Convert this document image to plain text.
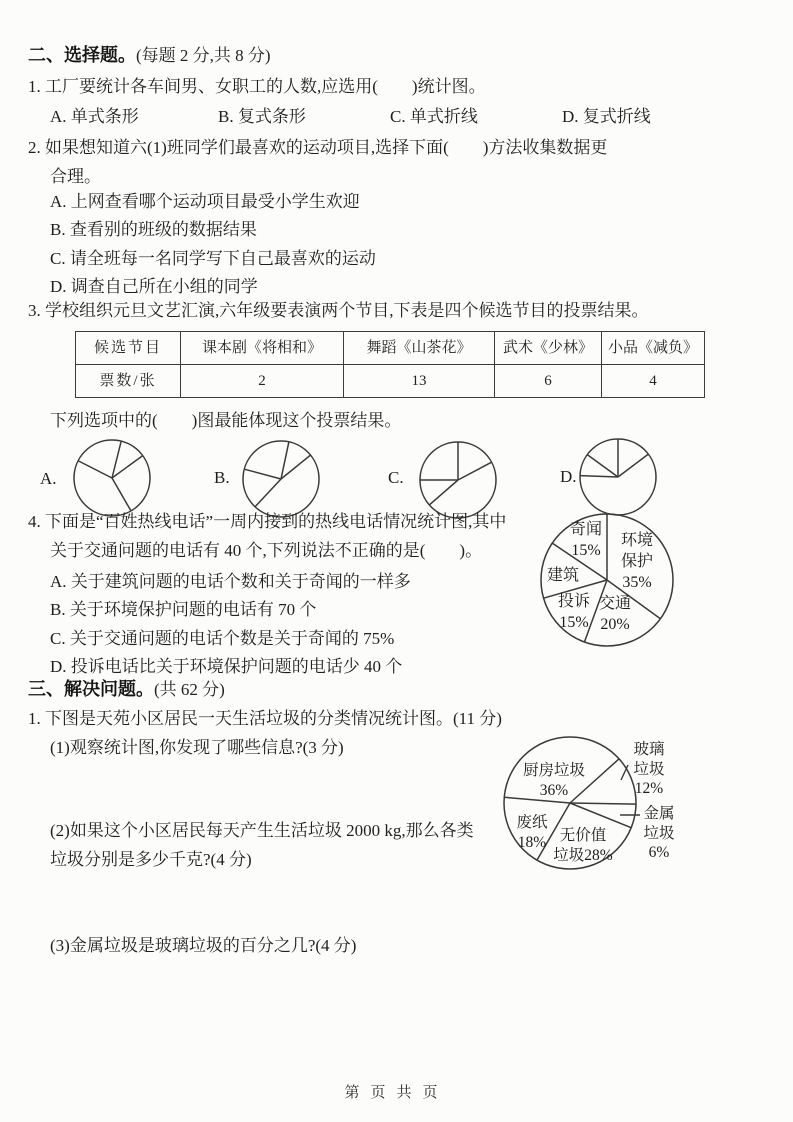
二、选择题。(每题 2 分,共 8 分)
1. 工厂要统计各车间男、女职工的人数,应选用(　　)统计图。
A. 单式条形	B. 复式条形	C. 单式折线	D. 复式折线
2. 如果想知道六(1)班同学们最喜欢的运动项目,选择下面(　　)方法收集数据更
合理。
A. 上网查看哪个运动项目最受小学生欢迎
B. 查看别的班级的数据结果
C. 请全班每一名同学写下自己最喜欢的运动
D. 调查自己所在小组的同学
3. 学校组织元旦文艺汇演,六年级要表演两个节目,下表是四个候选节目的投票结果。
候选节目	课本剧《将相和》	舞蹈《山茶花》	武术《少林》	小品《减负》
票数/张	2	13	6	4
下列选项中的(　　)图最能体现这个投票结果。
A.	B.	C.	D.
4. 下面是“百姓热线电话”一周内接到的热线电话情况统计图,其中
关于交通问题的电话有 40 个,下列说法不正确的是(　　)。
A. 关于建筑问题的电话个数和关于奇闻的一样多
B. 关于环境保护问题的电话有 70 个
C. 关于交通问题的电话个数是关于奇闻的 75%
D. 投诉电话比关于环境保护问题的电话少 40 个
奇闻
15%
环境
保护
35%
建筑
投诉
15%
交通
20%
三、解决问题。(共 62 分)
1. 下图是天苑小区居民一天生活垃圾的分类情况统计图。(11 分)
(1)观察统计图,你发现了哪些信息?(3 分)
(2)如果这个小区居民每天产生生活垃圾 2000 kg,那么各类
垃圾分别是多少千克?(4 分)
(3)金属垃圾是玻璃垃圾的百分之几?(4 分)
厨房垃圾
36%
玻璃
垃圾
12%
金属
垃圾
6%
废纸
18% 无价值
垃圾28%
第页共页
